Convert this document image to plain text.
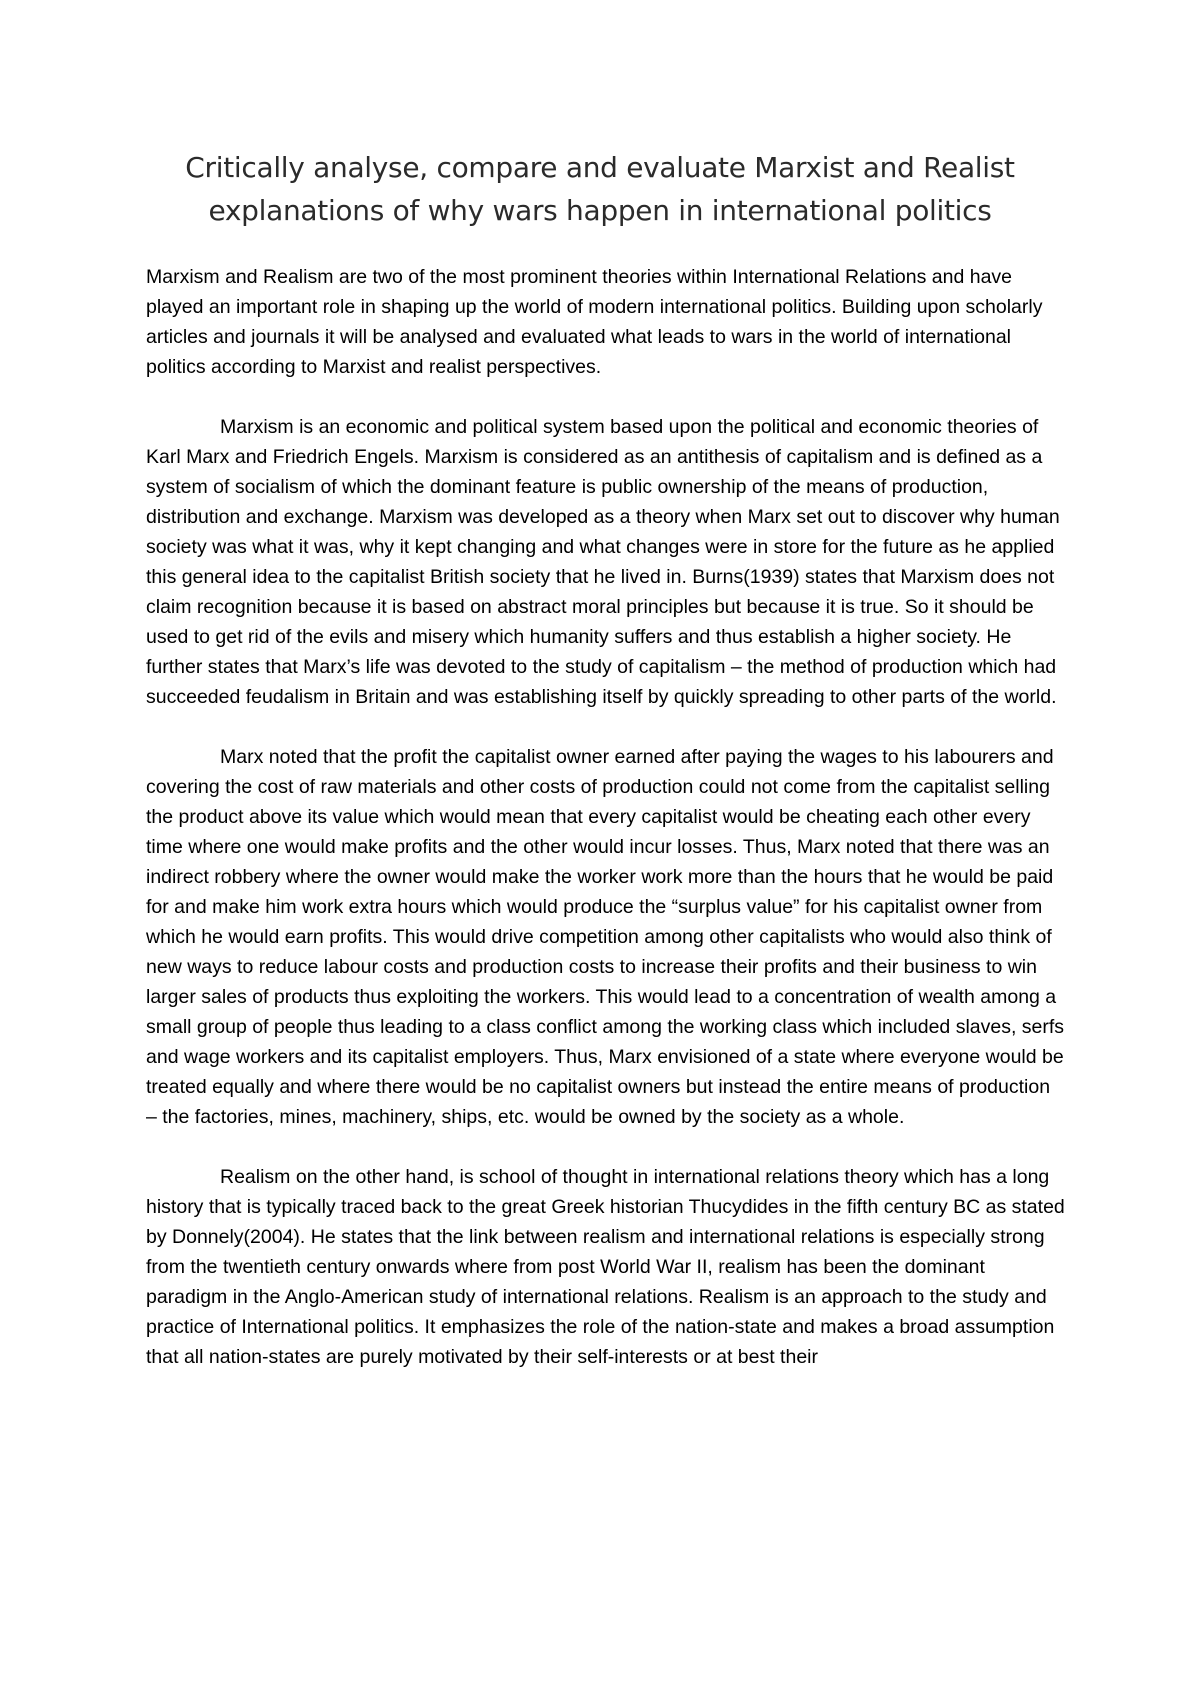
Critically analyse, compare and evaluate Marxist and Realist explanations of why wars happen in international politics

Marxism and Realism are two of the most prominent theories within International Relations and have played an important role in shaping up the world of modern international politics. Building upon scholarly articles and journals it will be analysed and evaluated what leads to wars in the world of international politics according to Marxist and realist perspectives.

Marxism is an economic and political system based upon the political and economic theories of Karl Marx and Friedrich Engels. Marxism is considered as an antithesis of capitalism and is defined as a system of socialism of which the dominant feature is public ownership of the means of production, distribution and exchange. Marxism was developed as a theory when Marx set out to discover why human society was what it was, why it kept changing and what changes were in store for the future as he applied this general idea to the capitalist British society that he lived in. Burns(1939) states that Marxism does not claim recognition because it is based on abstract moral principles but because it is true. So it should be used to get rid of the evils and misery which humanity suffers and thus establish a higher society. He further states that Marx’s life was devoted to the study of capitalism – the method of production which had succeeded feudalism in Britain and was establishing itself by quickly spreading to other parts of the world.

Marx noted that the profit the capitalist owner earned after paying the wages to his labourers and covering the cost of raw materials and other costs of production could not come from the capitalist selling the product above its value which would mean that every capitalist would be cheating each other every time where one would make profits and the other would incur losses. Thus, Marx noted that there was an indirect robbery where the owner would make the worker work more than the hours that he would be paid for and make him work extra hours which would produce the “surplus value” for his capitalist owner from which he would earn profits. This would drive competition among other capitalists who would also think of new ways to reduce labour costs and production costs to increase their profits and their business to win larger sales of products thus exploiting the workers. This would lead to a concentration of wealth among a small group of people thus leading to a class conflict among the working class which included slaves, serfs and wage workers and its capitalist employers. Thus, Marx envisioned of a state where everyone would be treated equally and where there would be no capitalist owners but instead the entire means of production – the factories, mines, machinery, ships, etc. would be owned by the society as a whole.

Realism on the other hand, is school of thought in international relations theory which has a long history that is typically traced back to the great Greek historian Thucydides in the fifth century BC as stated by Donnely(2004). He states that the link between realism and international relations is especially strong from the twentieth century onwards where from post World War II, realism has been the dominant paradigm in the Anglo-American study of international relations. Realism is an approach to the study and practice of International politics. It emphasizes the role of the nation-state and makes a broad assumption that all nation-states are purely motivated by their self-interests or at best their
